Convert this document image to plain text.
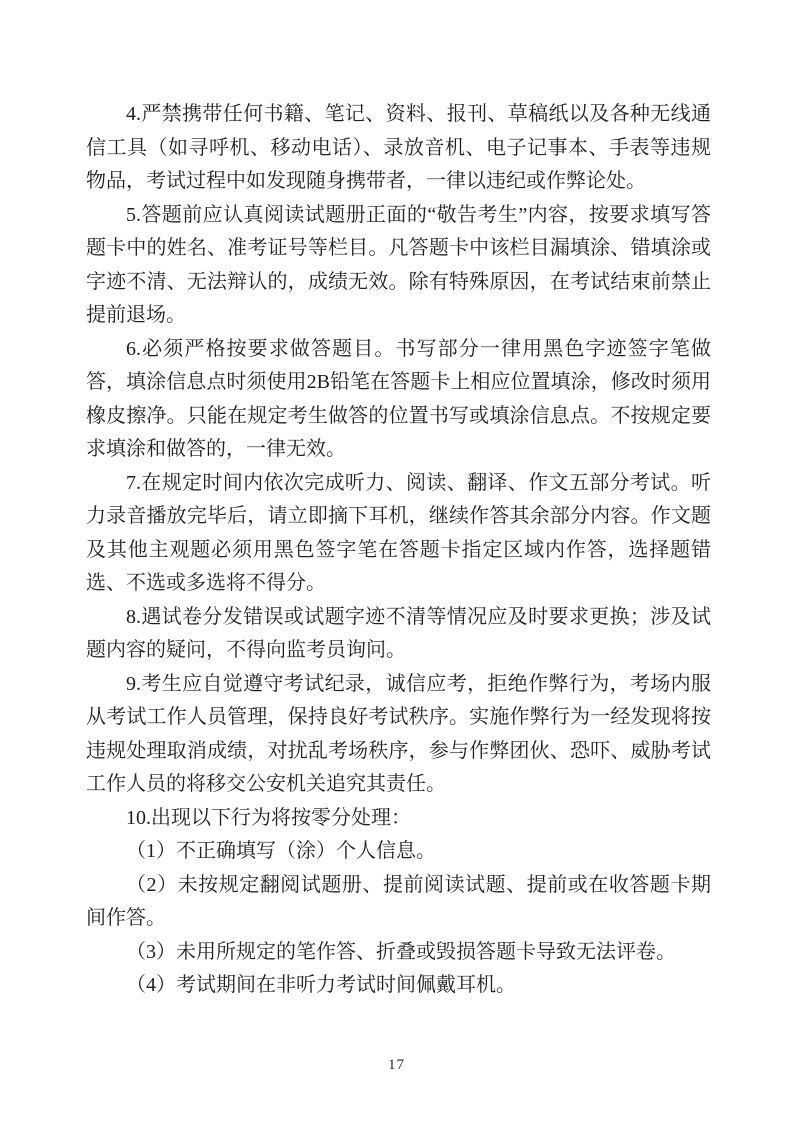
4.严禁携带任何书籍、笔记、资料、报刊、草稿纸以及各种无线通信工具（如寻呼机、移动电话）、录放音机、电子记事本、手表等违规物品，考试过程中如发现随身携带者，一律以违纪或作弊论处。

5.答题前应认真阅读试题册正面的“敬告考生”内容，按要求填写答题卡中的姓名、准考证号等栏目。凡答题卡中该栏目漏填涂、错填涂或字迹不清、无法辩认的，成绩无效。除有特殊原因，在考试结束前禁止提前退场。

6.必须严格按要求做答题目。书写部分一律用黑色字迹签字笔做答，填涂信息点时须使用2B铅笔在答题卡上相应位置填涂，修改时须用橡皮擦净。只能在规定考生做答的位置书写或填涂信息点。不按规定要求填涂和做答的，一律无效。

7.在规定时间内依次完成听力、阅读、翻译、作文五部分考试。听力录音播放完毕后，请立即摘下耳机，继续作答其余部分内容。作文题及其他主观题必须用黑色签字笔在答题卡指定区域内作答，选择题错选、不选或多选将不得分。

8.遇试卷分发错误或试题字迹不清等情况应及时要求更换；涉及试题内容的疑问，不得向监考员询问。

9.考生应自觉遵守考试纪录，诚信应考，拒绝作弊行为，考场内服从考试工作人员管理，保持良好考试秩序。实施作弊行为一经发现将按违规处理取消成绩，对扰乱考场秩序，参与作弊团伙、恐吓、威胁考试工作人员的将移交公安机关追究其责任。

10.出现以下行为将按零分处理：

（1）不正确填写（涂）个人信息。

（2）未按规定翻阅试题册、提前阅读试题、提前或在收答题卡期间作答。

（3）未用所规定的笔作答、折叠或毁损答题卡导致无法评卷。

（4）考试期间在非听力考试时间佩戴耳机。

17
